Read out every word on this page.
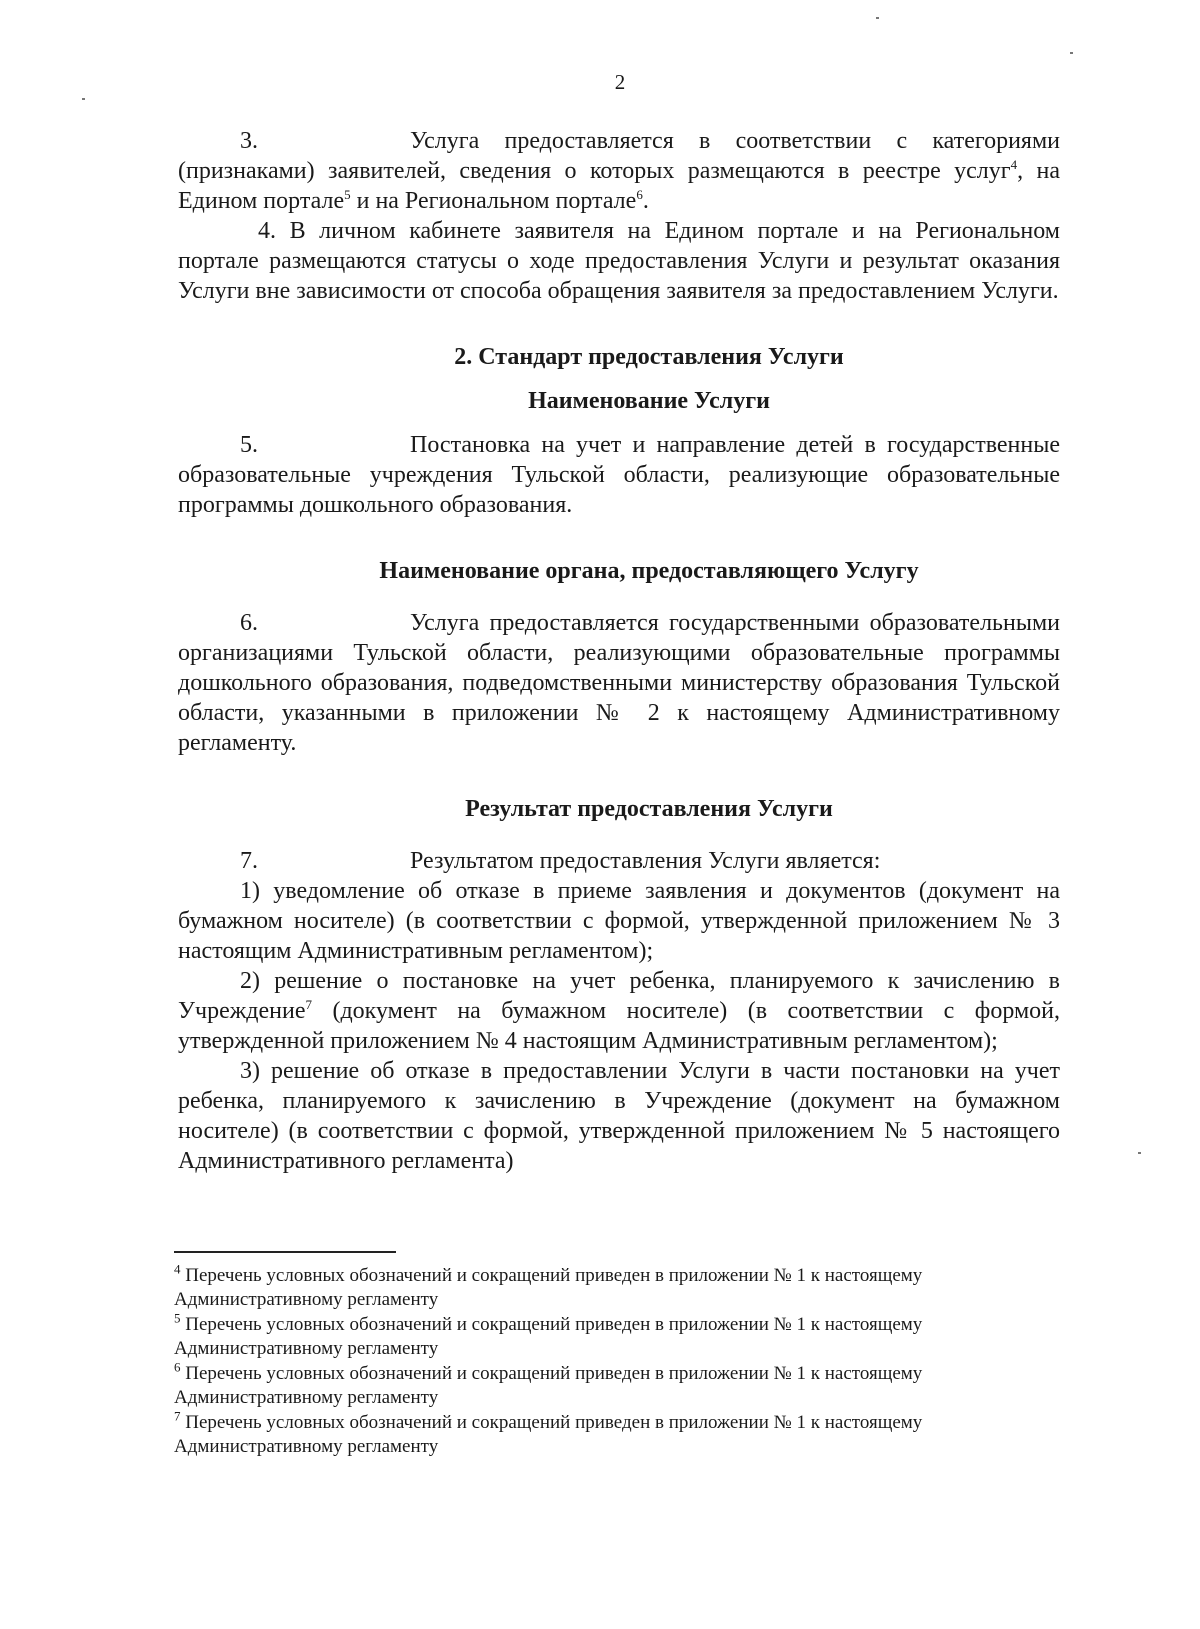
2

3.	Услуга предоставляется в соответствии с категориями (признаками) заявителей, сведения о которых размещаются в реестре услуг$^4$, на Едином портале$^5$ и на Региональном портале$^6$.

4. В личном кабинете заявителя на Едином портале и на Региональном портале размещаются статусы о ходе предоставления Услуги и результат оказания Услуги вне зависимости от способа обращения заявителя за предоставлением Услуги.

2. Стандарт предоставления Услуги

Наименование Услуги

5.	Постановка на учет и направление детей в государственные образовательные учреждения Тульской области, реализующие образовательные программы дошкольного образования.

Наименование органа, предоставляющего Услугу

6.	Услуга предоставляется государственными образовательными организациями Тульской области, реализующими образовательные программы дошкольного образования, подведомственными министерству образования Тульской области, указанными в приложении № 2 к настоящему Административному регламенту.

Результат предоставления Услуги

7.	Результатом предоставления Услуги является:

1) уведомление об отказе в приеме заявления и документов (документ на бумажном носителе) (в соответствии с формой, утвержденной приложением № 3 настоящим Административным регламентом);

2) решение о постановке на учет ребенка, планируемого к зачислению в Учреждение$^7$ (документ на бумажном носителе) (в соответствии с формой, утвержденной приложением № 4 настоящим Административным регламентом);

3) решение об отказе в предоставлении Услуги в части постановки на учет ребенка, планируемого к зачислению в Учреждение (документ на бумажном носителе) (в соответствии с формой, утвержденной приложением № 5 настоящего Административного регламента)

$^4$ Перечень условных обозначений и сокращений приведен в приложении № 1 к настоящему Административному регламенту

$^5$ Перечень условных обозначений и сокращений приведен в приложении № 1 к настоящему Административному регламенту

$^6$ Перечень условных обозначений и сокращений приведен в приложении № 1 к настоящему Административному регламенту

$^7$ Перечень условных обозначений и сокращений приведен в приложении № 1 к настоящему Административному регламенту
